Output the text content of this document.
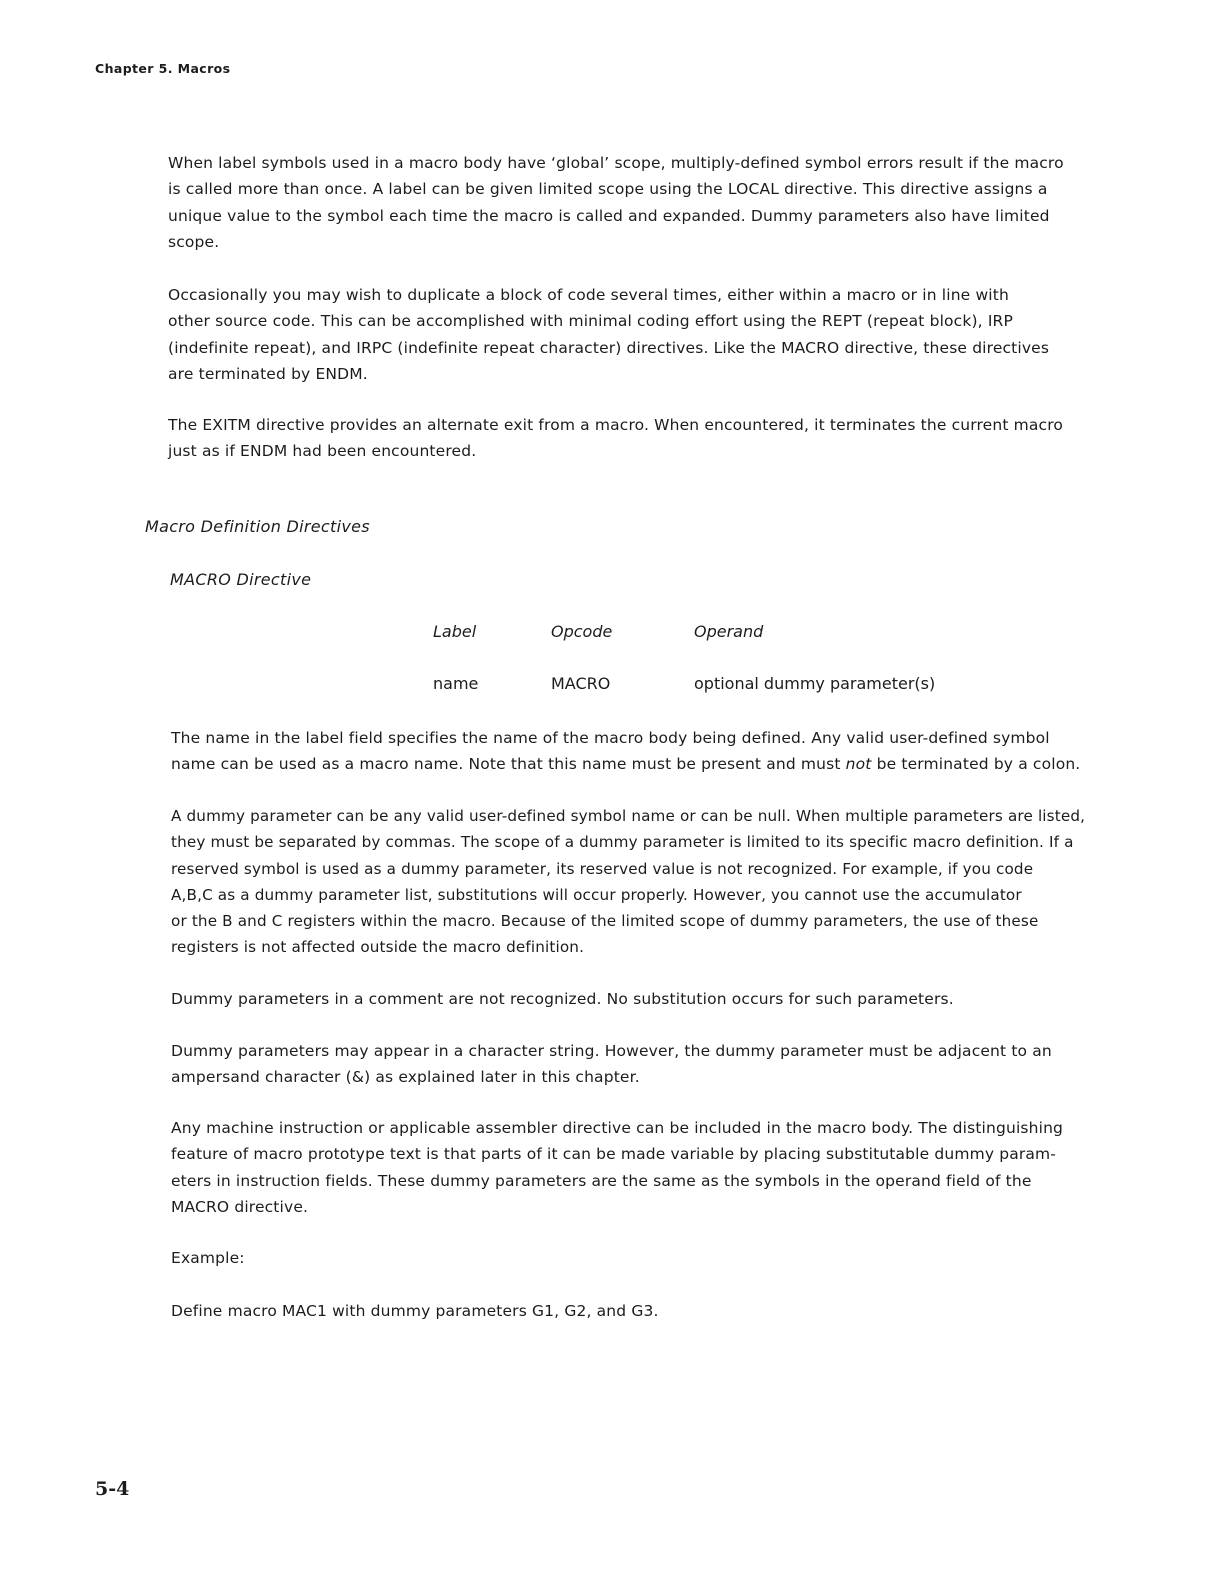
Chapter 5. Macros

When label symbols used in a macro body have ‘global’ scope, multiply-defined symbol errors result if the macro
is called more than once. A label can be given limited scope using the LOCAL directive. This directive assigns a
unique value to the symbol each time the macro is called and expanded. Dummy parameters also have limited
scope.

Occasionally you may wish to duplicate a block of code several times, either within a macro or in line with
other source code. This can be accomplished with minimal coding effort using the REPT (repeat block), IRP
(indefinite repeat), and IRPC (indefinite repeat character) directives. Like the MACRO directive, these directives
are terminated by ENDM.

The EXITM directive provides an alternate exit from a macro. When encountered, it terminates the current macro
just as if ENDM had been encountered.

Macro Definition Directives
MACRO Directive
Label	Opcode	Operand
name	MACRO	optional dummy parameter(s)

The name in the label field specifies the name of the macro body being defined. Any valid user-defined symbol
name can be used as a macro name. Note that this name must be present and must not be terminated by a colon.

A dummy parameter can be any valid user-defined symbol name or can be null. When multiple parameters are listed,
they must be separated by commas. The scope of a dummy parameter is limited to its specific macro definition. If a
reserved symbol is used as a dummy parameter, its reserved value is not recognized. For example, if you code
A,B,C as a dummy parameter list, substitutions will occur properly. However, you cannot use the accumulator
or the B and C registers within the macro. Because of the limited scope of dummy parameters, the use of these
registers is not affected outside the macro definition.

Dummy parameters in a comment are not recognized. No substitution occurs for such parameters.

Dummy parameters may appear in a character string. However, the dummy parameter must be adjacent to an
ampersand character (&) as explained later in this chapter.

Any machine instruction or applicable assembler directive can be included in the macro body. The distinguishing
feature of macro prototype text is that parts of it can be made variable by placing substitutable dummy param-
eters in instruction fields. These dummy parameters are the same as the symbols in the operand field of the
MACRO directive.

Example:

Define macro MAC1 with dummy parameters G1, G2, and G3.

5-4
